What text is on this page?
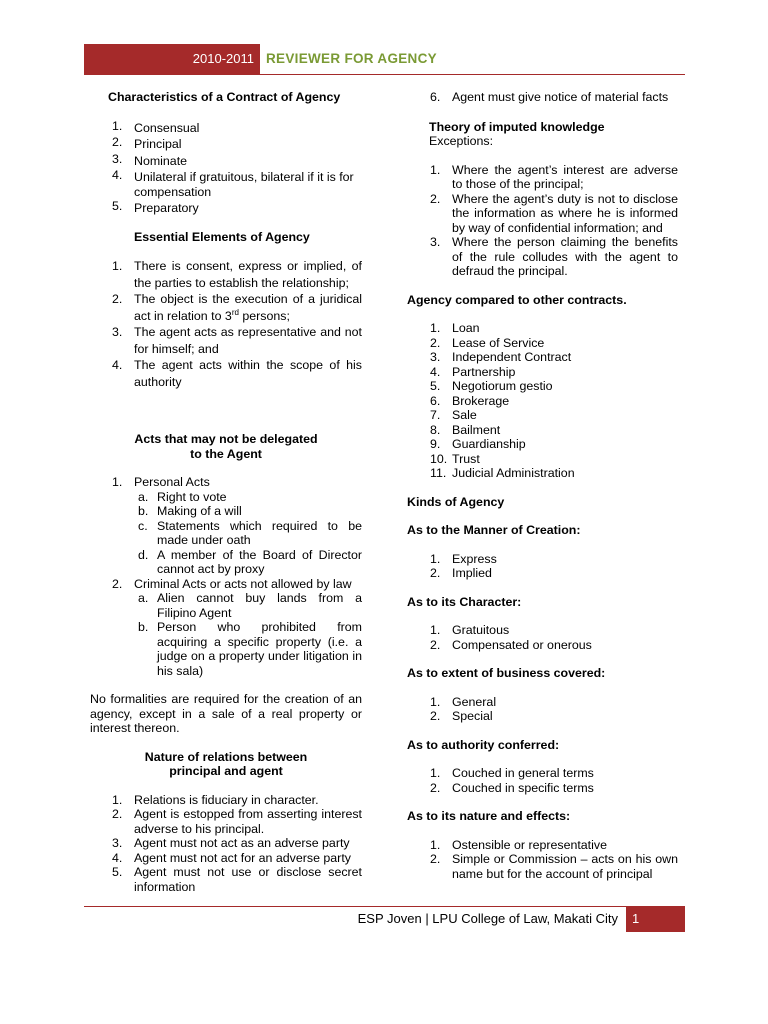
2010-2011 REVIEWER FOR AGENCY

Characteristics of a Contract of Agency

1. Consensual
2. Principal
3. Nominate
4. Unilateral if gratuitous, bilateral if it is for compensation
5. Preparatory

Essential Elements of Agency

1. There is consent, express or implied, of the parties to establish the relationship;
2. The object is the execution of a juridical act in relation to 3rd persons;
3. The agent acts as representative and not for himself; and
4. The agent acts within the scope of his authority

Acts that may not be delegated
to the Agent

1. Personal Acts
a. Right to vote
b. Making of a will
c. Statements which required to be made under oath
d. A member of the Board of Director cannot act by proxy
2. Criminal Acts or acts not allowed by law
a. Alien cannot buy lands from a Filipino Agent
b. Person who prohibited from acquiring a specific property (i.e. a judge on a property under litigation in his sala)

No formalities are required for the creation of an agency, except in a sale of a real property or interest thereon.

Nature of relations between
principal and agent

1. Relations is fiduciary in character.
2. Agent is estopped from asserting interest adverse to his principal.
3. Agent must not act as an adverse party
4. Agent must not act for an adverse party
5. Agent must not use or disclose secret information
6. Agent must give notice of material facts

Theory of imputed knowledge

Exceptions:

1. Where the agent’s interest are adverse to those of the principal;
2. Where the agent’s duty is not to disclose the information as where he is informed by way of confidential information; and
3. Where the person claiming the benefits of the rule colludes with the agent to defraud the principal.

Agency compared to other contracts.

1. Loan
2. Lease of Service
3. Independent Contract
4. Partnership
5. Negotiorum gestio
6. Brokerage
7. Sale
8. Bailment
9. Guardianship
10. Trust
11. Judicial Administration

Kinds of Agency

As to the Manner of Creation:

1. Express
2. Implied

As to its Character:

1. Gratuitous
2. Compensated or onerous

As to extent of business covered:

1. General
2. Special

As to authority conferred:

1. Couched in general terms
2. Couched in specific terms

As to its nature and effects:

1. Ostensible or representative
2. Simple or Commission – acts on his own name but for the account of principal
ESP Joven | LPU College of Law, Makati City	1
